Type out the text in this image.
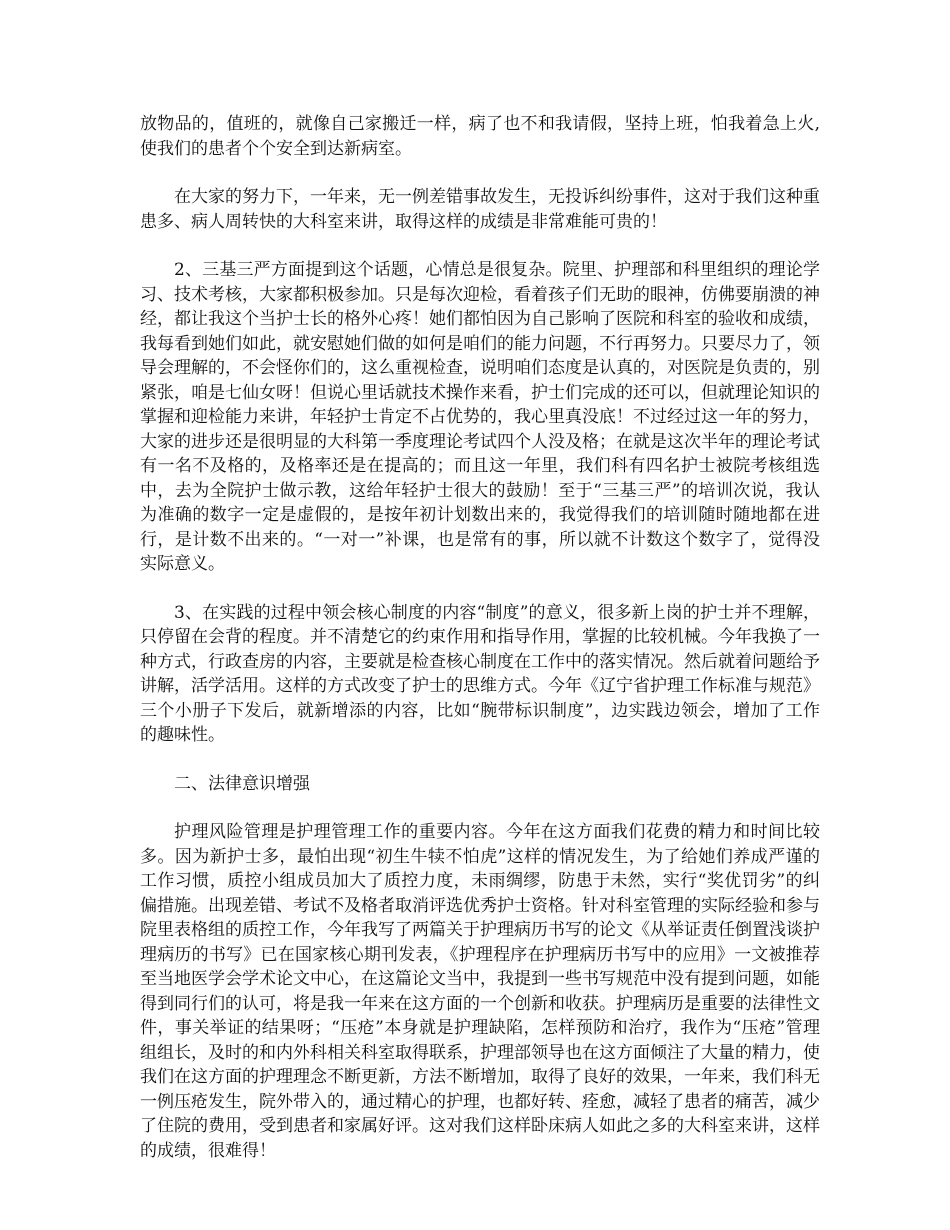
放物品的，值班的，就像自己家搬迁一样，病了也不和我请假，坚持上班，怕我着急上火,使我们的患者个个安全到达新病室。

在大家的努力下，一年来，无一例差错事故发生，无投诉纠纷事件，这对于我们这种重患多、病人周转快的大科室来讲，取得这样的成绩是非常难能可贵的！

2、三基三严方面提到这个话题，心情总是很复杂。院里、护理部和科里组织的理论学习、技术考核，大家都积极参加。只是每次迎检，看着孩子们无助的眼神，仿佛要崩溃的神经，都让我这个当护士长的格外心疼！她们都怕因为自己影响了医院和科室的验收和成绩，我每看到她们如此，就安慰她们做的如何是咱们的能力问题，不行再努力。只要尽力了，领导会理解的，不会怪你们的，这么重视检查，说明咱们态度是认真的，对医院是负责的，别紧张，咱是七仙女呀！但说心里话就技术操作来看，护士们完成的还可以，但就理论知识的掌握和迎检能力来讲，年轻护士肯定不占优势的，我心里真没底！不过经过这一年的努力，大家的进步还是很明显的大科第一季度理论考试四个人没及格；在就是这次半年的理论考试有一名不及格的，及格率还是在提高的；而且这一年里，我们科有四名护士被院考核组选中，去为全院护士做示教，这给年轻护士很大的鼓励！至于“三基三严”的培训次说，我认为准确的数字一定是虚假的，是按年初计划数出来的，我觉得我们的培训随时随地都在进行，是计数不出来的。“一对一”补课，也是常有的事，所以就不计数这个数字了，觉得没实际意义。

3、在实践的过程中领会核心制度的内容“制度”的意义，很多新上岗的护士并不理解，只停留在会背的程度。并不清楚它的约束作用和指导作用，掌握的比较机械。今年我换了一种方式，行政查房的内容，主要就是检查核心制度在工作中的落实情况。然后就着问题给予讲解，活学活用。这样的方式改变了护士的思维方式。今年《辽宁省护理工作标准与规范》三个小册子下发后，就新增添的内容，比如“腕带标识制度”，边实践边领会，增加了工作的趣味性。

二、法律意识增强

护理风险管理是护理管理工作的重要内容。今年在这方面我们花费的精力和时间比较多。因为新护士多，最怕出现“初生牛犊不怕虎”这样的情况发生，为了给她们养成严谨的工作习惯，质控小组成员加大了质控力度，未雨绸缪，防患于未然，实行“奖优罚劣”的纠偏措施。出现差错、考试不及格者取消评选优秀护士资格。针对科室管理的实际经验和参与院里表格组的质控工作，今年我写了两篇关于护理病历书写的论文《从举证责任倒置浅谈护理病历的书写》已在国家核心期刊发表，《护理程序在护理病历书写中的应用》一文被推荐至当地医学会学术论文中心，在这篇论文当中，我提到一些书写规范中没有提到问题，如能得到同行们的认可，将是我一年来在这方面的一个创新和收获。护理病历是重要的法律性文件，事关举证的结果呀；“压疮”本身就是护理缺陷，怎样预防和治疗，我作为“压疮”管理组组长，及时的和内外科相关科室取得联系，护理部领导也在这方面倾注了大量的精力，使我们在这方面的护理理念不断更新，方法不断增加，取得了良好的效果，一年来，我们科无一例压疮发生，院外带入的，通过精心的护理，也都好转、痊愈，减轻了患者的痛苦，减少了住院的费用，受到患者和家属好评。这对我们这样卧床病人如此之多的大科室来讲，这样的成绩，很难得！
